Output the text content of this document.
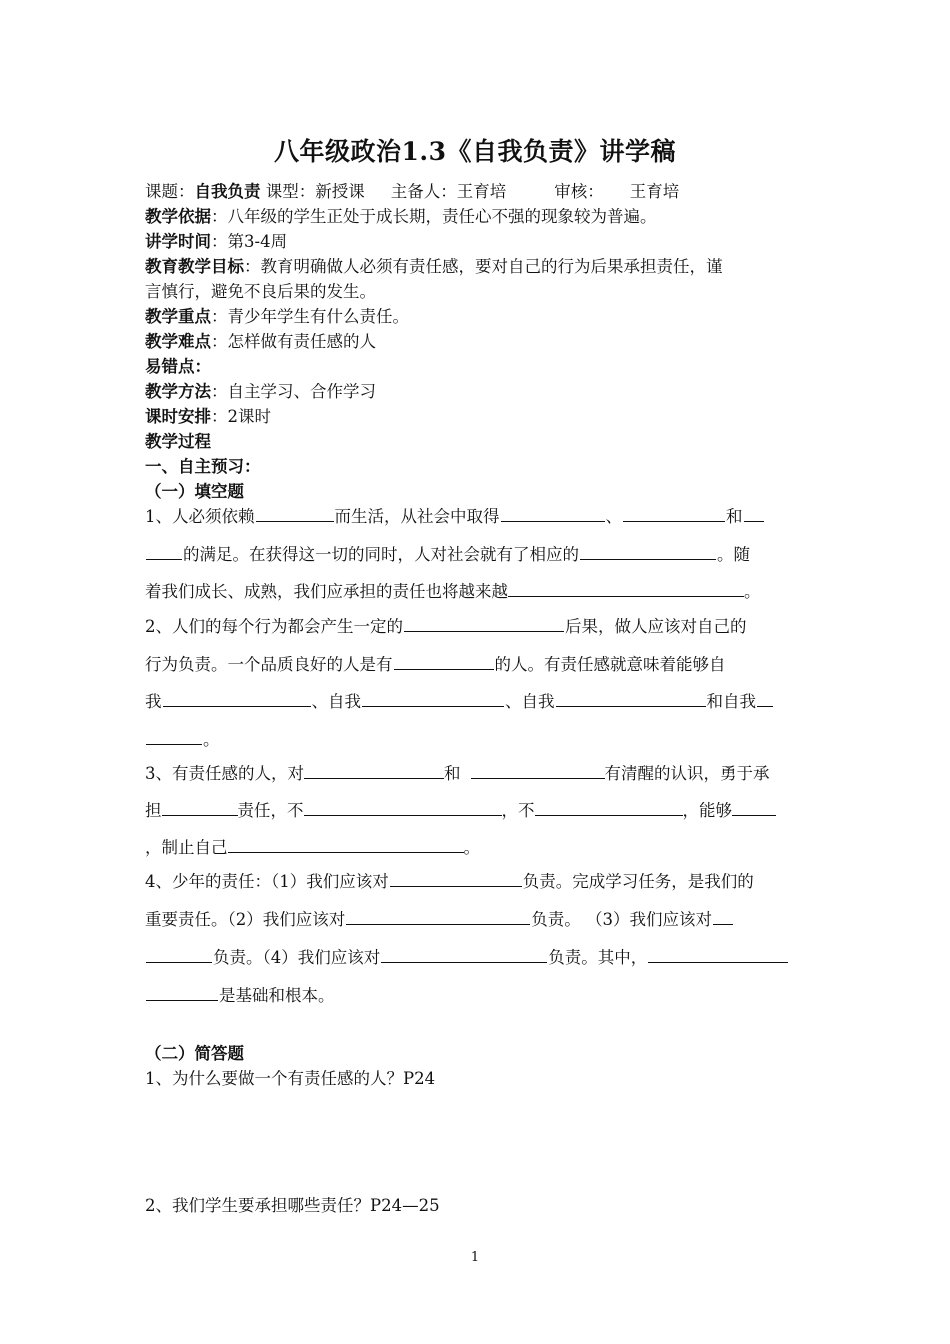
八年级政治1.3《自我负责》讲学稿
课题：自我负责 课型：新授课 主备人：王育培	审核： 王育培
教学依据：八年级的学生正处于成长期，责任心不强的现象较为普遍。
讲学时间：第3-4周
教育教学目标：教育明确做人必须有责任感，要对自己的行为后果承担责任，谨
言慎行，避免不良后果的发生。
教学重点：青少年学生有什么责任。
教学难点：怎样做有责任感的人
易错点：
教学方法：自主学习、合作学习
课时安排：2课时
教学过程
一、自主预习：
（一）填空题
1、人必须依赖	而生活，从社会中取得	、	和
的满足。在获得这一切的同时，人对社会就有了相应的	。随
着我们成长、成熟，我们应承担的责任也将越来越	。
2、人们的每个行为都会产生一定的	后果，做人应该对自己的
行为负责。一个品质良好的人是有	的人。有责任感就意味着能够自
我	、自我	、自我	和自我
。
3、有责任感的人，对	和	有清醒的认识，勇于承
担	责任，不	，不	，能够
，制止自己	。
4、少年的责任：（1）我们应该对	负责。完成学习任务，是我们的
重要责任。（2）我们应该对	负责。 （3）我们应该对
负责。（4）我们应该对	负责。其中，
是基础和根本。
（二）简答题
1、为什么要做一个有责任感的人？P24
2、我们学生要承担哪些责任？P24—25
1
